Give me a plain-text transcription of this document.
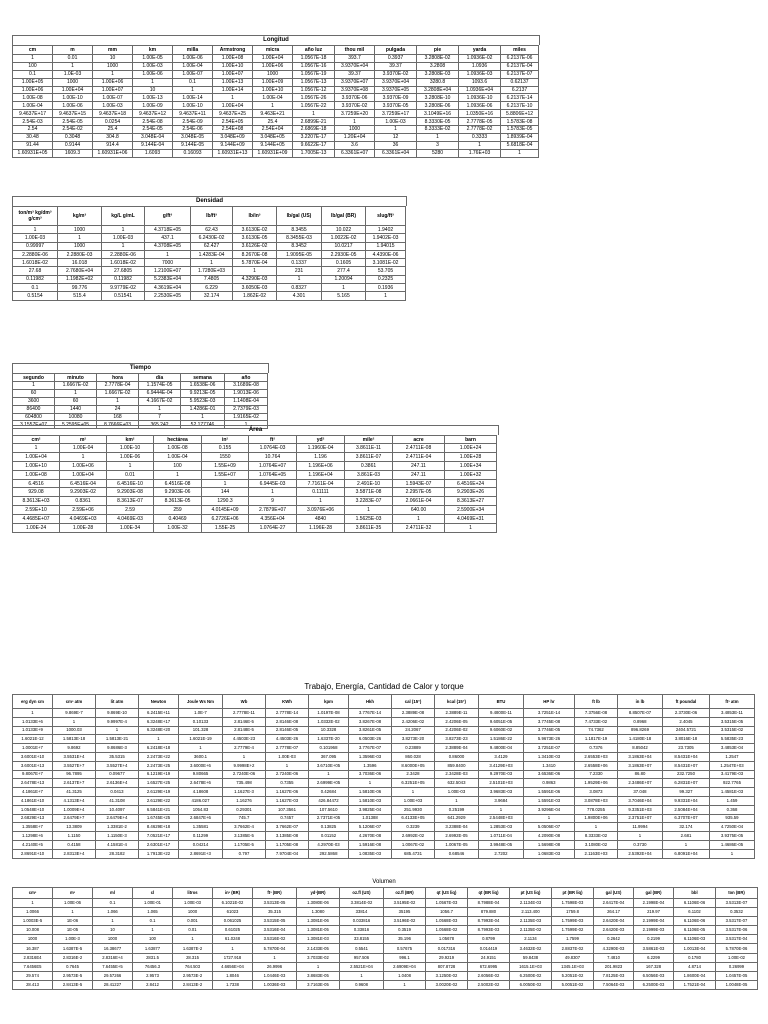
Longitud
cm	m	mm	km	milla	Armstrong	micra	año luz	thou mil	pulgada	pie	yarda	miles
1	0.01	10	1.00E-05	1.00E-06	1.00E+08	1.00E+04	1.0567E-18	393.7	0.3937	3.2808E-02	1.0936E-02	6.2137E-06
100	1	1000	1.00E-03	1.00E-04	1.00E+10	1.00E+06	1.0567E-16	3.9370E+04	39.37	3.2808	1.0936	6.2137E-04
0.1	1.0E-03	1	1.00E-06	1.00E-07	1.00E+07	1000	1.0567E-19	39.37	3.9370E-02	3.2808E-03	1.0936E-03	6.2137E-07
1.00E+05	1000	1.00E+06	1	0.1	1.00E+13	1.00E+09	1.0567E-13	3.9370E+07	3.9370E+04	3280.8	1093.6	0.62137
1.00E+06	1.00E+04	1.00E+07	10	1	1.00E+14	1.00E+10	1.0567E-12	3.9370E+08	3.9370E+05	3.2808E+04	1.0936E+04	6.2137
1.00E-08	1.00E-10	1.00E-07	1.00E-13	1.00E-14	1	1.00E-04	1.0567E-26	3.9370E-06	3.9370E-09	3.2808E-10	1.0936E-10	6.2137E-14
1.00E-04	1.00E-06	1.00E-03	1.00E-09	1.00E-10	1.00E+04	1	1.0567E-22	3.9370E-02	3.9370E-05	3.2808E-06	1.0936E-06	6.2137E-10
9.4637E+17	9.4637E+15	9.4637E+18	9.4637E+12	9.4637E+11	9.4637E+25	9.463E+21	1	3.7259E+20	3.7259E+17	3.1049E+16	1.0350E+16	5.8806E+12
2.54E-03	2.54E-05	0.0254	2.54E-08	2.54E-09	2.54E+05	25.4	2.6899E-21	1	1.00E-03	8.3330E-05	2.7778E-05	1.5783E-08
2.54	2.54E-02	25.4	2.54E-05	2.54E-06	2.54E+08	2.54E+04	2.6869E-18	1000	1	8.3333E-02	2.7778E-02	1.5783E-05
30.48	0.3048	304.8	3.048E-04	3.048E-05	3.048E+09	3.048E+05	3.2207E-17	1.20E+04	12	1	0.3333	1.8939E-04
91.44	0.9144	914.4	9.144E-04	9.144E-05	9.144E+09	9.144E+05	9.6622E-17	3.6	36	3	1	5.6818E-04
1.60931E+05	1609.3	1.60931E+06	1.6093	0.16093	1.60931E+13	1.60931E+09	1.7005E-13	6.3361E+07	6.3361E+04	5280	1.76E+03	1
Densidad
ton/m³ kg/dm³ g/cm³	kg/m³	kg/L g/mL	g/ft³	lb/ft³	lb/in³	lb/gal (US)	lb/gal (BR)	slug/ft³
1	1000	1	4.3718E+05	62.43	3.6130E-02	8.3455	10.022	1.9402
1.00E-03	1	1.00E-03	437.1	6.2430E-02	3.6130E-05	8.3455E-03	1.0022E-02	1.9402E-03
0.99997	1000	1	4.3708E+05	62.427	3.6126E-02	8.3452	10.0217	1.94015
2.2880E-06	2.2880E-03	2.2880E-06	1	1.4283E-04	8.2670E-08	1.9095E-05	2.2930E-05	4.4390E-06
1.6018E-02	16.018	1.6018E-02	7000	1	5.7870E-04	0.1337	0.1605	3.1081E-02
27.68	2.7680E+04	27.6805	1.2100E+07	1.7280E+03	1	231	277.4	53.705
0.11982	1.1982E+02	0.11982	5.2383E+04	7.4805	4.3290E-03	1	1.20094	0.2325
0.1	99.776	9.9779E-02	4.3619E+04	6.229	3.6050E-03	0.8327	1	0.1936
0.5154	515.4	0.51541	2.2530E+05	32.174	1.862E-02	4.301	5.165	1
Tiempo
segundo	minuto	hora	día	semana	año
1	1.6667E-02	2.7778E-04	1.1574E-05	1.6538E-06	3.1689E-08
60	1	1.6667E-02	6.9444E-04	9.9213E-05	1.9013E-06
3600	60	1	4.1667E-02	5.9523E-03	1.1408E-04
86400	1440	24	1	1.4286E-01	2.7379E-03
604800	10080	168	7	1	1.9165E-02
3.1557E+07	5.2595E+05	8.7666E+03	365.242	52.177746	1
Área
cm²	m²	km²	hectárea	in²	ft²	yd²	mile²	acre	barn
1	1.00E-04	1.00E-10	1.00E-08	0.155	1.0764E-03	1.1960E-04	3.8611E-11	2.4711E-08	1.00E+24
1.00E+04	1	1.00E-06	1.00E-04	1550	10.764	1.196	3.8611E-07	2.4711E-04	1.00E+28
1.00E+10	1.00E+06	1	100	1.55E+09	1.0764E+07	1.196E+06	0.3861	247.11	1.00E+34
1.00E+08	1.00E+04	0.01	1	1.55E+07	1.0764E+05	1.196E+04	3.861E-03	247.11	1.00E+32
6.4516	6.4516E-04	6.4516E-10	6.4516E-08	1	6.9445E-03	7.7161E-04	2.491E-10	1.5943E-07	6.4516E+24
929.08	9.2903E-02	9.2903E-08	9.2903E-06	144	1	0.11111	3.5871E-08	2.2957E-05	9.2903E+26
8.3613E+03	0.8361	8.3613E-07	8.3613E-05	1290.3	9	1	3.2283E-07	2.0661E-04	8.3613E+27
2.59E+10	2.59E+06	2.59	259	4.0145E+09	2.7879E+07	3.0976E+06	1	640.00	2.5900E+34
4.4685E+07	4.0469E+03	4.0469E-03	0.40469	6.2726E+06	4.356E+04	4840	1.5625E-03	1	4.0469E+31
1.00E-24	1.00E-28	1.00E-34	1.00E-32	1.55E-25	1.0764E-27	1.196E-28	3.8611E-35	2.4711E-32	1
Trabajo, Energía, Cantidad de Calor y torque
erg dyn cm	cm³ atm	lit atm	Newton	Joule Ws Nm	Wb	KWh	kpm	Hkh	cal (15°)	kcal (15°)	BTU	HP hr	ft lb	in lb	ft poundal	ft³ atm
1	9.869E-7	9.869E-10	6.2415E+11	1.0E-7	2.7778E-11	2.7778E-14	1.0197E-08	3.7767E-14	2.3889E-08	2.3889E-11	9.4800E-11	3.7251E-14	7.3756E-08	8.8507E-07	2.3730E-06	3.4853E-11
1.0133E+6	1	9.9997E-4	6.3248E+17	0.10133	2.8146E-5	2.8146E-08	1.0332E-02	3.8267E-08	2.4206E-02	2.4206E-05	9.6051E-05	3.7745E-08	7.4733E-02	0.8968	2.4045	3.5315E-05
1.0133E+9	1000.03	1	6.3248E+20	101.328	2.8148E-5	2.8146E-05	10.3328	3.8261E-05	24.2067	2.4206E-02	9.6060E-02	3.7746E-05	74.7362	896.8269	2404.5721	3.5315E-02
1.6021E-12	1.5813E-18	1.5813E-21	1	1.6021E-19	4.4503E-23	4.4503E-26	1.6337E-20	6.0503E-26	3.8273E-20	3.8273E-23	1.5186E-22	5.9673E-26	1.1817E-19	1.4180E-18	3.8016E-18	5.5835E-23
1.0001E+7	9.8692	9.8686E-3	6.2418E+18	1	2.7779E-4	2.7778E-07	0.101968	3.7767E-07	0.23889	2.3889E-04	9.4800E-04	3.7251E-07	0.7376	8.85042	23.7305	3.4853E-04
3.6001E+10	3.5531E+4	35.5315	2.2473E+22	3600.1	1	1.00E-03	367.095	1.3596E-03	860.028	0.86000	3.4129	1.3410E-03	2.6553E+03	3.1863E+04	8.5431E+04	1.2547
3.6001E+13	3.5527E+7	3.5527E+4	2.2473E+25	3.6000E+6	9.9998E+2	1	3.6710E+05	1.3596	8.6000E+05	859.8400	3.4129E+03	1.3410	2.6558E+06	3.1863E+07	8.5431E+07	1.2547E+03
9.8067E+7	96.7895	0.09677	6.1219E+19	9.80665	2.7240E-06	2.7240E-06	1	3.7036E-06	2.3428	2.3428E-03	9.2970E-03	3.6536E-06	7.2330	86.80	232.7250	3.4179E-03
2.6478E+13	2.6137E+7	2.6136E+4	1.6527E+25	2.6478E+6	735.498	0.7355	2.6999E+05	1	6.3251E+05	632.5043	2.5101E+03	0.9863	1.9529E+06	2.3486E+07	6.2831E+07	922.7765
4.1861E+7	41.3125	0.0413	2.6129E+19	4.18608	1.1627E-3	1.1627E-06	0.42684	1.5810E-06	1	1.00E-03	3.9683E-03	1.5591E-06	3.0873	37.048	99.327	1.4581E-03
4.1861E+10	4.1313E+4	41.3108	2.6129E+22	4186.027	1.16276	1.1627E-03	426.84472	1.5810E-03	1.00E+03	1	3.9684	1.5591E-03	3.0878E+03	3.7046E+04	9.9331E+04	1.459
1.0548E+10	1.0009E+4	10.4097	6.5841E+21	1054.83	0.29301	107.3561	107.5610	3.9825E-04	251.9930	0.25199	1	3.9296E-04	778.0255	9.3351E+03	2.5084E+04	0.368
2.6829E+13	2.6479E+7	2.6479E+4	1.6745E+25	2.6847E+6	745.7	0.7457	2.7371E+05	1.01388	6.4133E+05	641.2929	2.5448E+03	1	1.9800E+06	2.3751E+07	6.3707E+07	935.59
1.3558E+7	13.3809	1.3381E-2	8.4629E+18	1.35581	3.7662E-4	3.7662E-07	0.13825	5.1206E-07	0.3239	3.2388E-04	1.2853E-03	5.0506E-07	1	11.9994	32.174	4.7250E-04
1.1298E+6	1.1150	1.1150E-3	7.0521E+17	0.11299	3.1385E-5	3.1385E-08	0.01152	4.2670E-08	2.6992E-02	2.6992E-05	1.0711E-04	4.2090E-08	8.3333E-02	1	2.681	3.9375E-05
4.2140E+5	0.4158	4.1581E-4	2.6301E+17	0.04214	1.1705E-5	1.1705E-08	4.2970E-03	1.5916E-08	1.0067E-02	1.0067E-05	3.9948E-05	1.5698E-08	3.1080E-02	0.3730	1	1.4686E-05
2.8691E+10	2.8313E+4	28.3182	1.7913E+22	2.8691E+3	0.797	7.9704E-04	292.5868	1.0835E-03	685.4731	0.68546	2.7202	1.0683E-03	2.1163E+03	2.5392E+04	6.8091E+04	1
Volumen
cm³	m³	ml	cl	litros	in³ (BR)	ft³ (BR)	yd³(BR)	oz.fl (US)	oz.fl (BR)	qt (US liq)	qt (BR liq)	pt (US liq)	pt (BR liq)	gal (US)	gal (BR)	bbl	ton (BR)
1	1.00E-06	0.1	1.00E-01	1.00E-03	6.1021E-02	3.5313E-05	1.3080E-06	3.3814E-02	3.5195E-02	1.0567E-03	8.7988E-04	2.1134E-03	1.7598E-03	2.6417E-04	2.1998E-04	6.1106E-06	3.5313E-07
1.0066	1	1.066	1.065	1000	61023	35.315	1.3080	33814	35195	1056.7	879.880	2.113.400	1759.8	264.17	219.97	6.1102	0.3532
1.0003E-5	1E-06	1	0.1	0.001	0.061025	3.5315E-05	1.3081E-06	0.033816	3.5196E-02	1.0568E-03	8.7993E-04	2.1135E-03	1.7599E-03	2.6420E-04	2.1999E-04	6.1106E-06	3.5317E-07
10.008	1E-05	10	1	0.01	0.61025	3.5316E-04	1.3081E-05	0.33816	0.3519	1.0568E-02	8.7993E-03	2.1135E-02	1.7599E-02	2.6420E-03	2.1999E-03	6.1106E-05	3.5317E-06
1000	1.00E-3	1000	100	1	61.0248	3.5316E-02	1.3081E-03	33.8155	35.196	1.05678	0.8799	2.1134	1.7599	0.2642	0.2199	6.1106E-03	3.5317E-04
16.387	1.6387E-5	16.38677	1.63877	1.6387E-2	1	5.7870E-04	2.1433E-05	0.5541	0.57675	0.017316	0.014419	3.4632E-02	2.8837E-02	4.3290E-03	3.5861E-03	1.0013E-04	5.7870E-06
2.8316E4	2.8316E-2	2.8316E+4	2831.5	28.315	1727.918	1	3.7033E-02	957.506	996.1	29.9219	24.9151	59.8438	49.8307	7.4810	6.2299	0.1780	1.00E-02
7.6456E5	0.7645	7.6455E+5	76456.3	764.503	4.6656E+04	26.9996	1	2.5521E+04	2.6909E+04	807.8728	672.6995	1615.1E+03	1345.1E+03	201.9823	167.328	4.8714	0.26999
29.574	2.9573E-5	29.57266	2.9573	2.9573E-2	1.8046	1.0446E-03	3.8683E-05	1	1.0408	3.1250E-02	2.6056E-02	6.2500E-02	5.2051E-02	7.8125E-03	6.5056E-03	1.8600E-04	1.0457E-05
28.413	2.8413E-5	28.41227	2.8412	2.8413E-2	1.7338	1.0036E-03	3.7163E-05	0.9608	1	3.0020E-02	2.5002E-02	6.0050E-02	5.0051E-02	7.5064E-03	6.2500E-03	1.7521E-04	1.0048E-05
